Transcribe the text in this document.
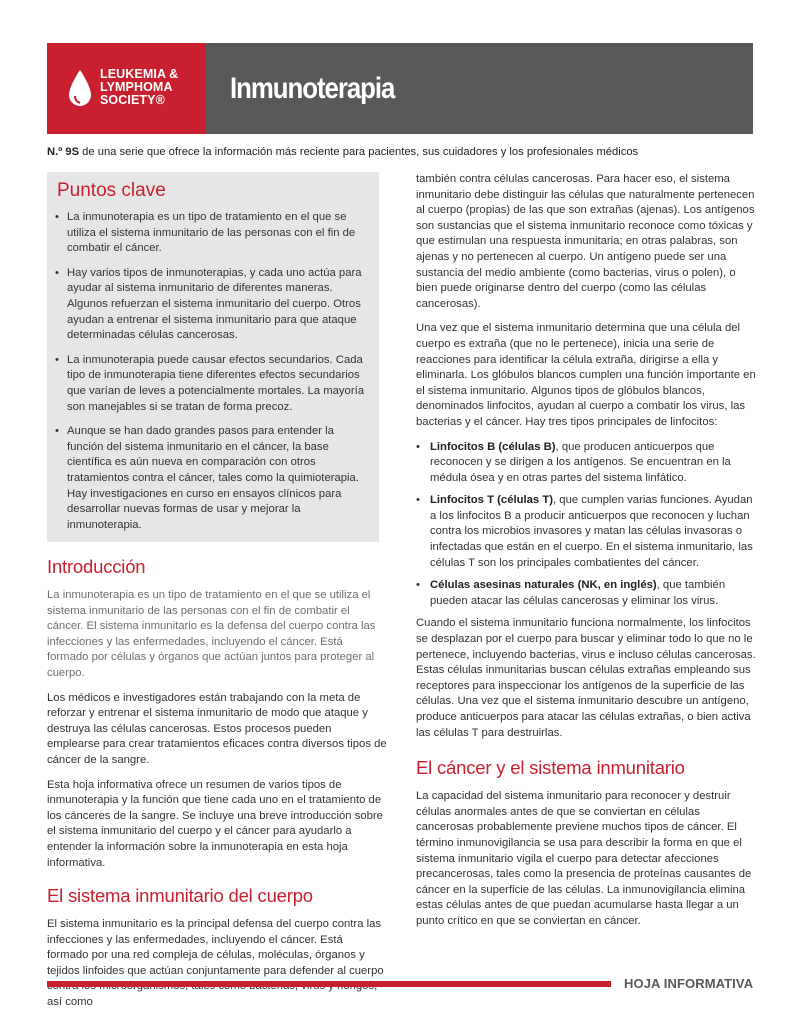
LEUKEMIA &
LYMPHOMA
SOCIETY®	Inmunoterapia
N.º 9S de una serie que ofrece la información más reciente para pacientes, sus cuidadores y los profesionales médicos
Puntos clave
• La inmunoterapia es un tipo de tratamiento en el que se utiliza el sistema inmunitario de las personas con el fin de combatir el cáncer.
• Hay varios tipos de inmunoterapias, y cada uno actúa para ayudar al sistema inmunitario de diferentes maneras. Algunos refuerzan el sistema inmunitario del cuerpo. Otros ayudan a entrenar el sistema inmunitario para que ataque determinadas células cancerosas.
• La inmunoterapia puede causar efectos secundarios. Cada tipo de inmunoterapia tiene diferentes efectos secundarios que varían de leves a potencialmente mortales. La mayoría son manejables si se tratan de forma precoz.
• Aunque se han dado grandes pasos para entender la función del sistema inmunitario en el cáncer, la base científica es aún nueva en comparación con otros tratamientos contra el cáncer, tales como la quimioterapia. Hay investigaciones en curso en ensayos clínicos para desarrollar nuevas formas de usar y mejorar la inmunoterapia.
Introducción

La inmunoterapia es un tipo de tratamiento en el que se utiliza el sistema inmunitario de las personas con el fin de combatir el cáncer. El sistema inmunitario es la defensa del cuerpo contra las infecciones y las enfermedades, incluyendo el cáncer. Está formado por células y órganos que actúan juntos para proteger al cuerpo.

Los médicos e investigadores están trabajando con la meta de reforzar y entrenar el sistema inmunitario de modo que ataque y destruya las células cancerosas. Estos procesos pueden emplearse para crear tratamientos eficaces contra diversos tipos de cáncer de la sangre.

Esta hoja informativa ofrece un resumen de varios tipos de inmunoterapia y la función que tiene cada uno en el tratamiento de los cánceres de la sangre. Se incluye una breve introducción sobre el sistema inmunitario del cuerpo y el cáncer para ayudarlo a entender la información sobre la inmunoterapia en esta hoja informativa.

El sistema inmunitario del cuerpo

El sistema inmunitario es la principal defensa del cuerpo contra las infecciones y las enfermedades, incluyendo el cáncer. Está formado por una red compleja de células, moléculas, órganos y tejidos linfoides que actúan conjuntamente para defender al cuerpo así como

también contra células cancerosas. Para hacer eso, el sistema inmunitario debe distinguir las células que naturalmente pertenecen al cuerpo (propias) de las que son extrañas (ajenas). Los antígenos son sustancias que el sistema inmunitario reconoce como tóxicas y que estimulan una respuesta inmunitaria; en otras palabras, son ajenas y no pertenecen al cuerpo. Un antígeno puede ser una sustancia del medio ambiente (como bacterias, virus o polen), o bien puede originarse dentro del cuerpo (como las células cancerosas).

Una vez que el sistema inmunitario determina que una célula del cuerpo es extraña (que no le pertenece), inicia una serie de reacciones para identificar la célula extraña, dirigirse a ella y eliminarla. Los glóbulos blancos cumplen una función importante en el sistema inmunitario. Algunos tipos de glóbulos blancos, denominados linfocitos, ayudan al cuerpo a combatir los virus, las bacterias y el cáncer. Hay tres tipos principales de linfocitos:

• Linfocitos B (células B), que producen anticuerpos que reconocen y se dirigen a los antígenos. Se encuentran en la médula ósea y en otras partes del sistema linfático.
• Linfocitos T (células T), que cumplen varias funciones. Ayudan a los linfocitos B a producir anticuerpos que reconocen y luchan contra los microbios invasores y matan las células invasoras o infectadas que están en el cuerpo. En el sistema inmunitario, las células T son los principales combatientes del cáncer.
• Células asesinas naturales (NK, en inglés), que también pueden atacar las células cancerosas y eliminar los virus.

Cuando el sistema inmunitario funciona normalmente, los linfocitos se desplazan por el cuerpo para buscar y eliminar todo lo que no le pertenece, incluyendo bacterias, virus e incluso células cancerosas. Estas células inmunitarias buscan células extrañas empleando sus receptores para inspeccionar los antígenos de la superficie de las células. Una vez que el sistema inmunitario descubre un antígeno, produce anticuerpos para atacar las células extrañas, o bien activa las células T para destruirlas.

El cáncer y el sistema inmunitario

La capacidad del sistema inmunitario para reconocer y destruir células anormales antes de que se conviertan en células cancerosas probablemente previene muchos tipos de cáncer. El término inmunovigilancia se usa para describir la forma en que el sistema inmunitario vigila el cuerpo para detectar afecciones precancerosas, tales como la presencia de proteínas causantes de cáncer en la superficie de las células. La inmunovigilancia elimina estas células antes de que puedan acumularse hasta llegar a un punto crítico en que se conviertan en cáncer.

HOJA INFORMATIVA
